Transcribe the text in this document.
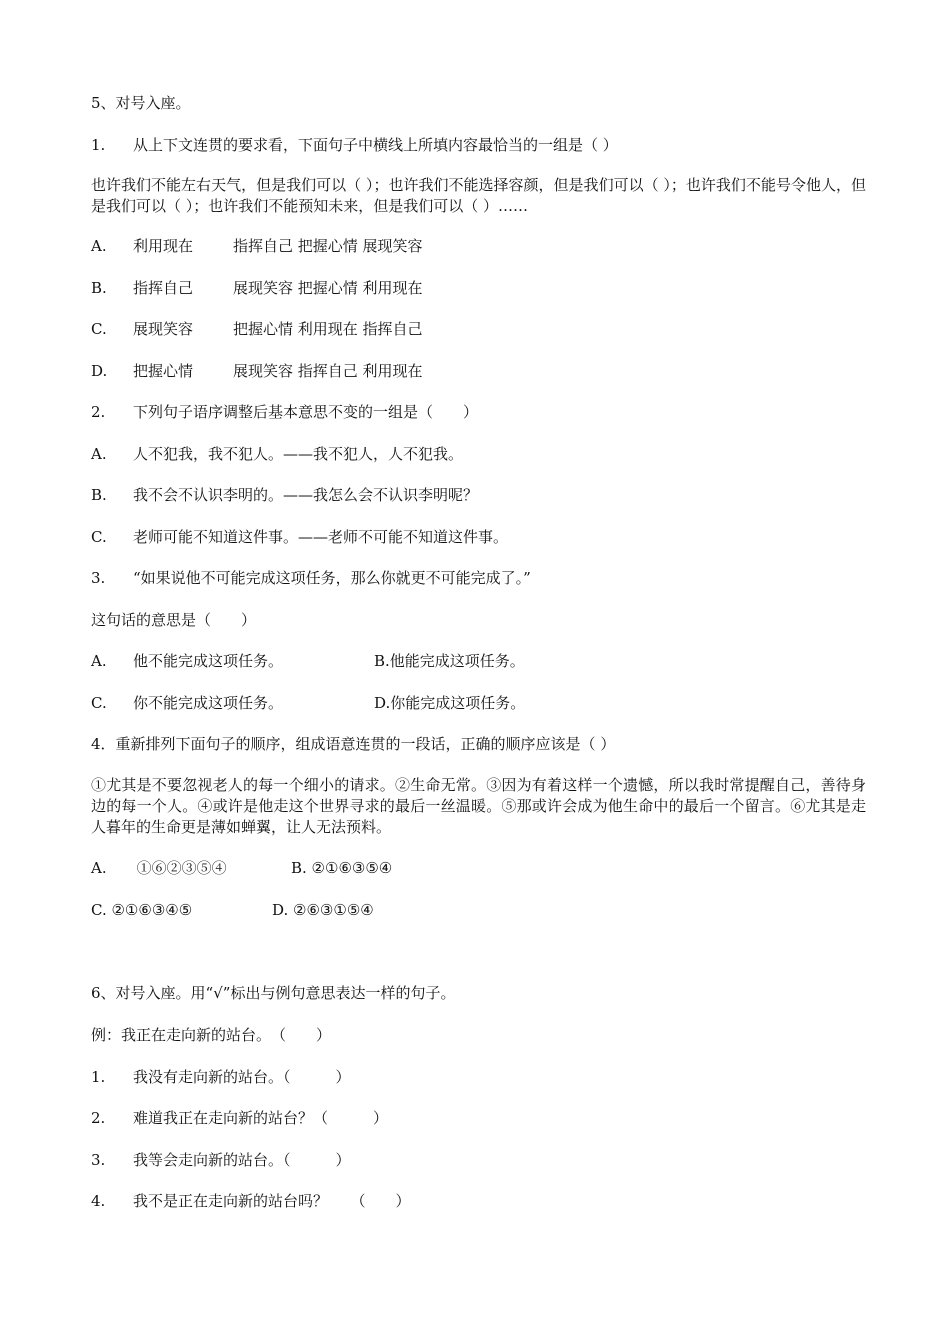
5、对号入座。
1. 从上下文连贯的要求看，下面句子中横线上所填内容最恰当的一组是（ ）
也许我们不能左右天气，但是我们可以（ ）；也许我们不能选择容颜，但是我们可以（ ）；也许我们不能号令他人，但是我们可以（ ）；也许我们不能预知未来，但是我们可以（ ）……
A. 利用现在	指挥自己 把握心情 展现笑容
B. 指挥自己	展现笑容 把握心情 利用现在
C. 展现笑容	把握心情 利用现在 指挥自己
D. 把握心情	展现笑容 指挥自己 利用现在
2. 下列句子语序调整后基本意思不变的一组是（　　）
A. 人不犯我，我不犯人。——我不犯人，人不犯我。
B. 我不会不认识李明的。——我怎么会不认识李明呢？
C. 老师可能不知道这件事。——老师不可能不知道这件事。
3. “如果说他不可能完成这项任务，那么你就更不可能完成了。”
这句话的意思是（　　）
A. 他不能完成这项任务。	B.他能完成这项任务。
C. 你不能完成这项任务。	D.你能完成这项任务。
4．重新排列下面句子的顺序，组成语意连贯的一段话，正确的顺序应该是（ ）
①尤其是不要忽视老人的每一个细小的请求。②生命无常。③因为有着这样一个遗憾，所以我时常提醒自己，善待身边的每一个人。④或许是他走这个世界寻求的最后一丝温暖。⑤那或许会成为他生命中的最后一个留言。⑥尤其是走人暮年的生命更是薄如蝉翼，让人无法预料。
A.　　①⑥②③⑤④	B. ②①⑥③⑤④
C. ②①⑥③④⑤	D. ②⑥③①⑤④
6、对号入座。用“√”标出与例句意思表达一样的句子。
例：我正在走向新的站台。　（　　）
1. 我没有走向新的站台。（　　　）
2. 难道我正在走向新的站台？（　　　）
3. 我等会走向新的站台。（　　　）
4. 我不是正在走向新的站台吗？　　（　　）
